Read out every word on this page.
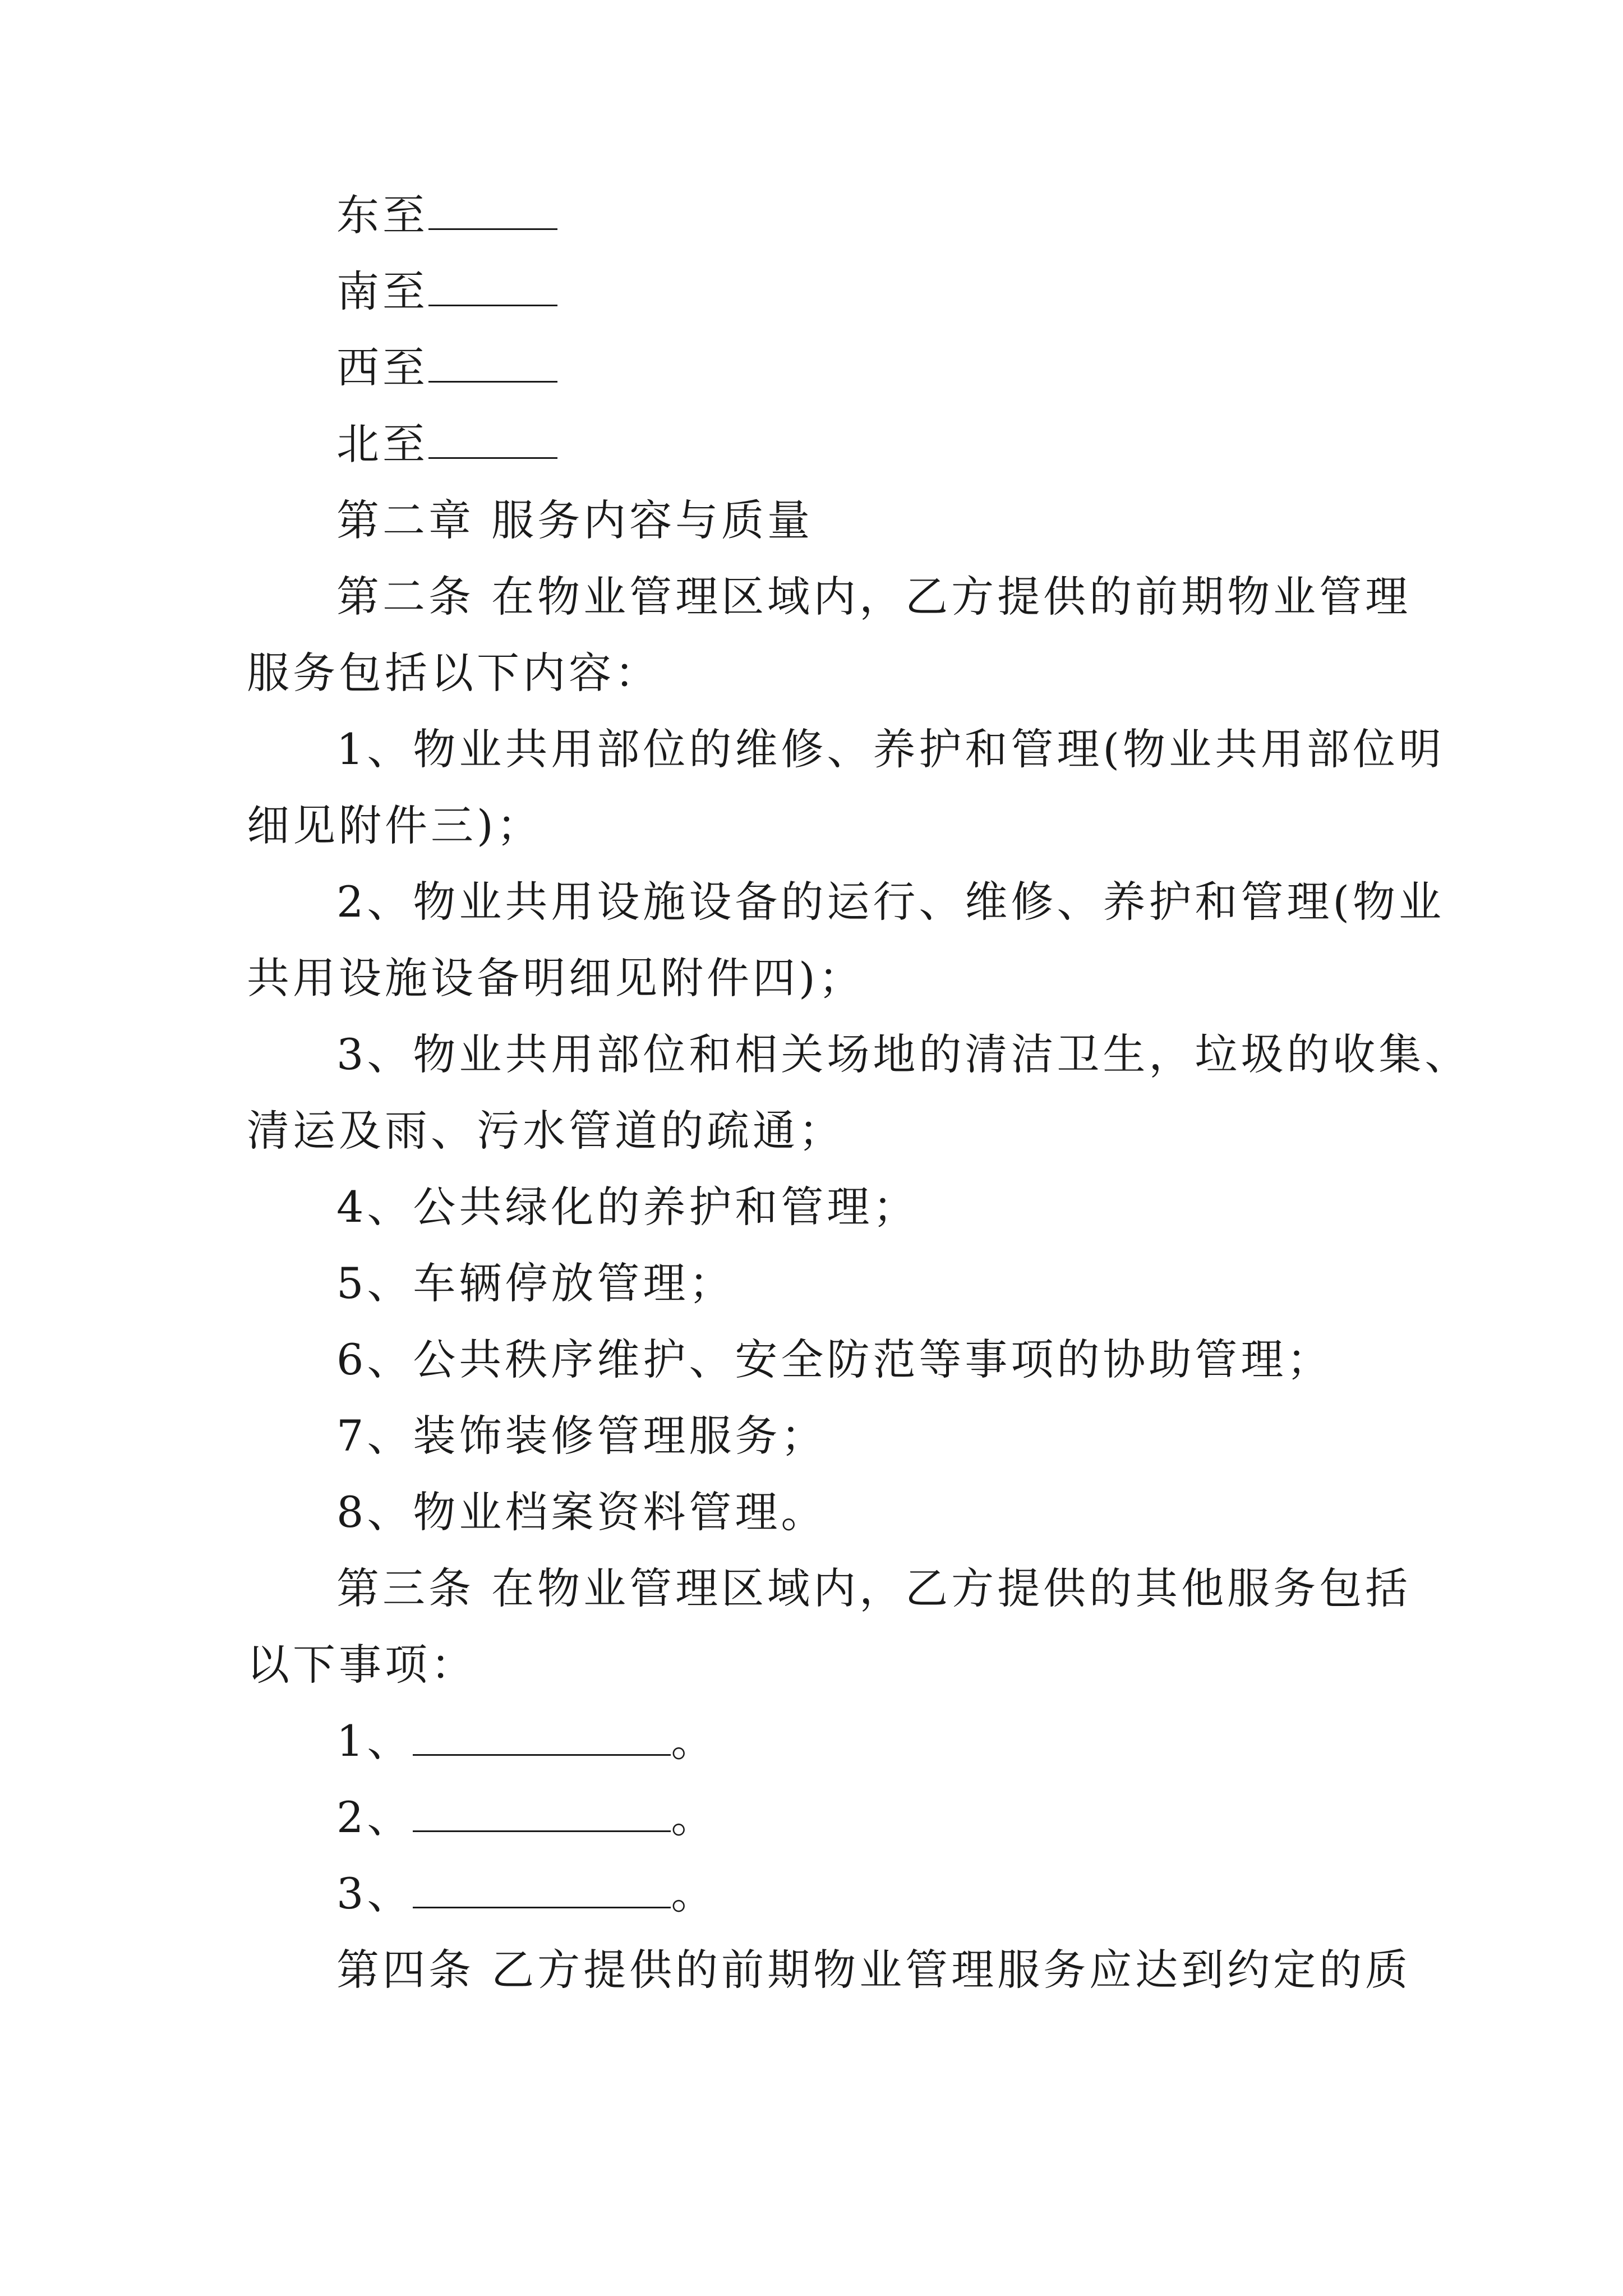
东至
南至
西至
北至
第二章 服务内容与质量
第二条 在物业管理区域内，乙方提供的前期物业管理
服务包括以下内容：
1、物业共用部位的维修、养护和管理(物业共用部位明
细见附件三)；
2、物业共用设施设备的运行、维修、养护和管理(物业
共用设施设备明细见附件四)；
3、物业共用部位和相关场地的清洁卫生，垃圾的收集、
清运及雨、污水管道的疏通；
4、公共绿化的养护和管理；
5、车辆停放管理；
6、公共秩序维护、安全防范等事项的协助管理；
7、装饰装修管理服务；
8、物业档案资料管理。
第三条 在物业管理区域内，乙方提供的其他服务包括
以下事项：
1、	。
2、	。
3、	。
第四条 乙方提供的前期物业管理服务应达到约定的质
